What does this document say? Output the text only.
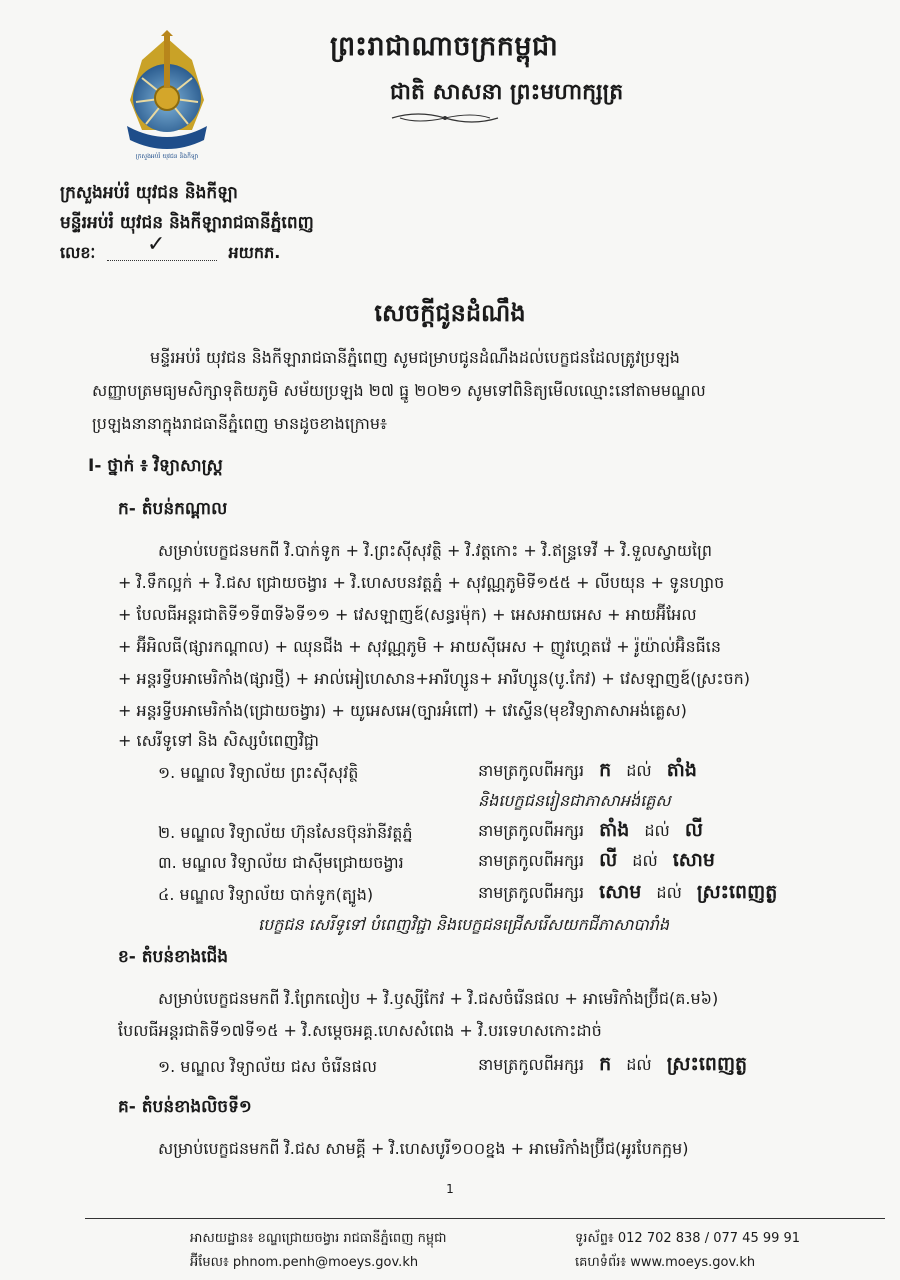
ក្រសួងអប់រំ យុវជន និងកីឡា
ព្រះរាជាណាចក្រកម្ពុជា
ជាតិ សាសនា ព្រះមហាក្សត្រ
ក្រសួងអប់រំ យុវជន និងកីឡា
មន្ទីរអប់រំ យុវជន និងកីឡារាជធានីភ្នំពេញ
លេខៈ ✓	អយកភ.
សេចក្តីជូនដំណឹង
មន្ទីរអប់រំ យុវជន និងកីឡារាជធានីភ្នំពេញ សូមជម្រាបជូនដំណឹងដល់បេក្ខជនដែលត្រូវប្រឡង
សញ្ញាបត្រមធ្យមសិក្សាទុតិយភូមិ សម័យប្រឡង ២៧ ធ្នូ ២០២១ សូមទៅពិនិត្យមើលឈ្មោះនៅតាមមណ្ឌល
ប្រឡងនានាក្នុងរាជធានីភ្នំពេញ មានដូចខាងក្រោម៖
I- ថ្នាក់ ៖ វិទ្យាសាស្ត្រ
ក- តំបន់កណ្តាល
សម្រាប់បេក្ខជនមកពី វិ.បាក់ទូក + វិ.ព្រះស៊ីសុវត្ថិ + វិ.វត្តកោះ + វិ.ឥន្ទ្រទេវី + វិ.ទួលស្វាយព្រៃ
+ វិ.ទឹកល្អក់ + វិ.ជស ជ្រោយចង្វារ + វិ.ហេសបនវត្តភ្នំ + សុវណ្ណភូមិទី១៥៥ + លីបយុន + ទូនហ្សាច
+ បែលធីអន្តរជាតិទី១ទី៣ទី៦ទី១១ + វេសឡាញឌ៍(សន្ធរម៉ុក) + អេសអាយអេស + អាយអ៊ីអែល
+ អ៊ីអិលធី(ផ្សារកណ្តាល) + ឈុនជីង + សុវណ្ណភូមិ + អាយស៊ីអេស + ញូវហ្គេតវ៉េ + រ៉ូយ៉ាល់អ៊ិនធីនេ
+ អន្តរទ្វីបអាមេរិកាំង(ផ្សារថ្មី) + អាល់អៀហេសាន+អារីហ្សូន+ អារីហ្សូន(បូ.កែវ) + វេសឡាញឌ៍(ស្រះចក)
+ អន្តរទ្វីបអាមេរិកាំង(ជ្រោយចង្វារ) + យូអេសអេ(ច្បារអំពៅ) + វេស្ទើន(មុខវិទ្យាភាសាអង់គ្លេស)
+ សេរីទូទៅ និង សិស្សបំពេញវិជ្ជា
១. មណ្ឌល វិទ្យាល័យ ព្រះស៊ីសុវត្ថិ	នាមត្រកូលពីអក្សរ ក ដល់ តាំង
និងបេក្ខជនរៀនជាភាសាអង់គ្លេស
២. មណ្ឌល វិទ្យាល័យ ហ៊ុនសែនប៊ុនរ៉ានីវត្តភ្នំ	នាមត្រកូលពីអក្សរ តាំង ដល់ លី
៣. មណ្ឌល វិទ្យាល័យ ជាស៊ីមជ្រោយចង្វារ	នាមត្រកូលពីអក្សរ លី ដល់ សោម
៤. មណ្ឌល វិទ្យាល័យ បាក់ទូក(ត្បូង)	នាមត្រកូលពីអក្សរ សោម ដល់ ស្រះពេញត្ង
បេក្ខជន សេរីទូទៅ បំពេញវិជ្ជា និងបេក្ខជនជ្រើសរើសយកជីភាសាបារាំង
ខ- តំបន់ខាងជើង
សម្រាប់បេក្ខជនមកពី វិ.ព្រែកលៀប + វិ.ឫស្សីកែវ + វិ.ជសចំរើនផល + អាមេរិកាំងប្រ៊ីជ(គ.ម៦)
បែលធីអន្តរជាតិទី១៧ទី១៥ + វិ.សម្តេចអគ្គ.ហេសសំពេង + វិ.បរទេហសកោះដាច់
១. មណ្ឌល វិទ្យាល័យ ជស ចំរើនផល	នាមត្រកូលពីអក្សរ ក ដល់ ស្រះពេញត្ង
គ- តំបន់ខាងលិចទី១
សម្រាប់បេក្ខជនមកពី វិ.ជស សាមគ្គី + វិ.ហេសបូរី១០០ខ្នង + អាមេរិកាំងប្រ៊ីជ(អូរបែកក្អម)
1
អាសយដ្ឋាន៖ ខណ្ឌជ្រោយចង្វារ រាជធានីភ្នំពេញ កម្ពុជា
អ៊ីមែល៖ phnom.penh@moeys.gov.kh
ទូរស័ព្ទ៖ 012 702 838 / 077 45 99 91
គេហទំព័រ៖ www.moeys.gov.kh
